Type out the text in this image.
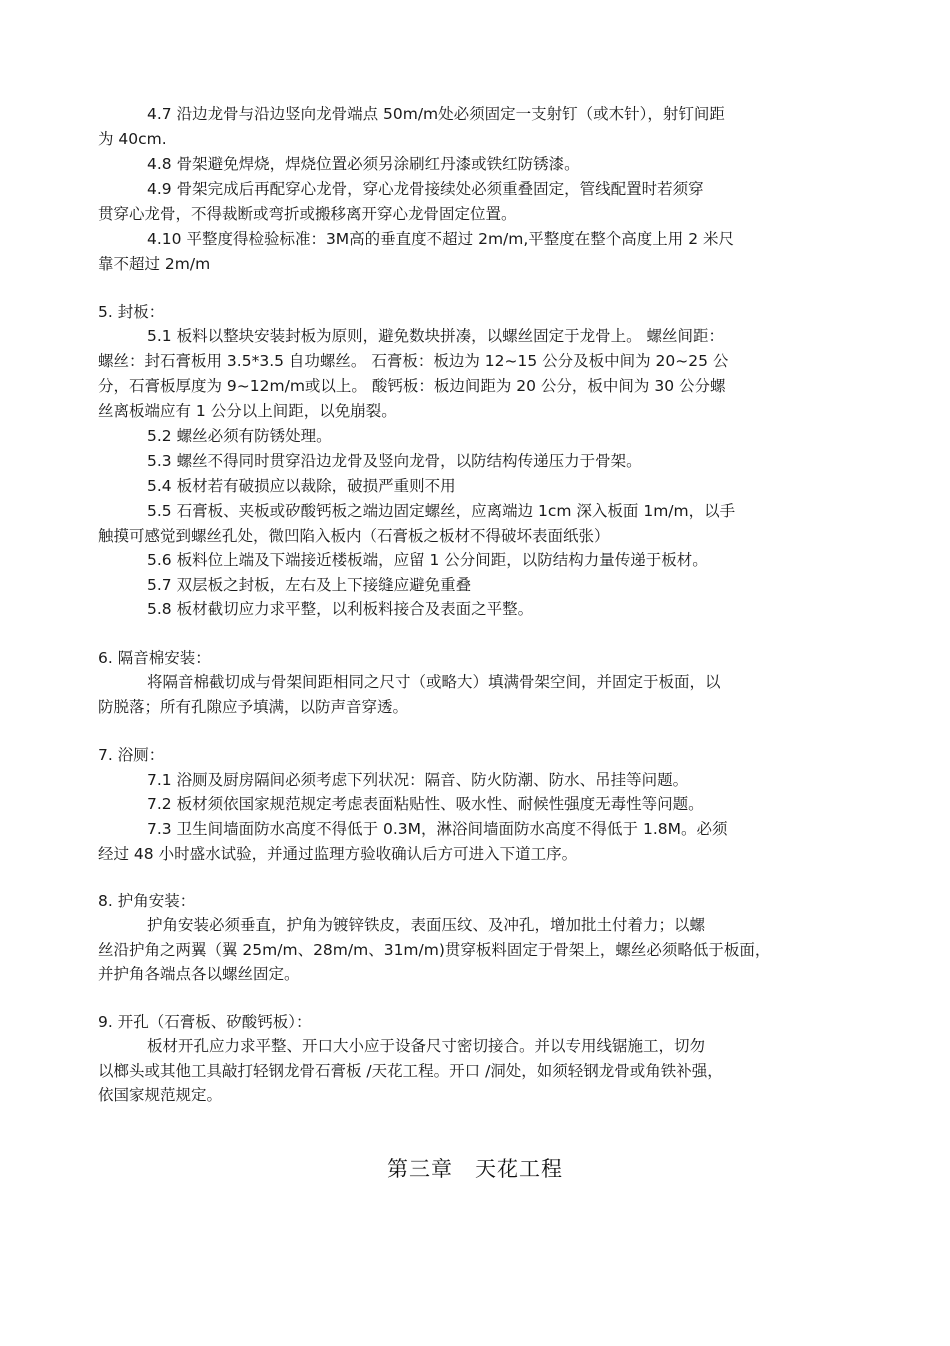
4.7 沿边龙骨与沿边竖向龙骨端点 50m/m处必须固定一支射钉（或木针），射钉间距
为 40cm.
4.8 骨架避免焊烧，焊烧位置必须另涂刷红丹漆或铁红防锈漆。
4.9 骨架完成后再配穿心龙骨，穿心龙骨接续处必须重叠固定，管线配置时若须穿
贯穿心龙骨，不得裁断或弯折或搬移离开穿心龙骨固定位置。
4.10 平整度得检验标准：3M高的垂直度不超过 2m/m,平整度在整个高度上用 2 米尺
靠不超过 2m/m
5. 封板：
5.1 板料以整块安装封板为原则，避免数块拼凑，以螺丝固定于龙骨上。 螺丝间距：
螺丝：封石膏板用 3.5*3.5 自功螺丝。 石膏板：板边为 12~15 公分及板中间为 20~25 公
分，石膏板厚度为 9~12m/m或以上。 酸钙板：板边间距为 20 公分，板中间为 30 公分螺
丝离板端应有 1 公分以上间距，以免崩裂。
5.2 螺丝必须有防锈处理。
5.3 螺丝不得同时贯穿沿边龙骨及竖向龙骨，以防结构传递压力于骨架。
5.4 板材若有破损应以裁除，破损严重则不用
5.5 石膏板、夹板或矽酸钙板之端边固定螺丝，应离端边 1cm 深入板面 1m/m，以手
触摸可感觉到螺丝孔处，微凹陷入板内（石膏板之板材不得破坏表面纸张）
5.6 板料位上端及下端接近楼板端，应留 1 公分间距，以防结构力量传递于板材。
5.7 双层板之封板，左右及上下接缝应避免重叠
5.8 板材截切应力求平整，以利板料接合及表面之平整。
6. 隔音棉安装：
将隔音棉截切成与骨架间距相同之尺寸（或略大）填满骨架空间，并固定于板面，以
防脱落；所有孔隙应予填满，以防声音穿透。
7. 浴厕：
7.1 浴厕及厨房隔间必须考虑下列状况：隔音、防火防潮、防水、吊挂等问题。
7.2 板材须依国家规范规定考虑表面粘贴性、吸水性、耐候性强度无毒性等问题。
7.3 卫生间墙面防水高度不得低于 0.3M，淋浴间墙面防水高度不得低于 1.8M。必须
经过 48 小时盛水试验，并通过监理方验收确认后方可进入下道工序。
8. 护角安装：
护角安装必须垂直，护角为镀锌铁皮，表面压纹、及冲孔，增加批土付着力；以螺
丝沿护角之两翼（翼 25m/m、28m/m、31m/m)贯穿板料固定于骨架上，螺丝必须略低于板面，
并护角各端点各以螺丝固定。
9. 开孔（石膏板、矽酸钙板）：
板材开孔应力求平整、开口大小应于设备尺寸密切接合。并以专用线锯施工，切勿
以榔头或其他工具敲打轻钢龙骨石膏板 /天花工程。开口 /洞处，如须轻钢龙骨或角铁补强，
依国家规范规定。
第三章　天花工程
